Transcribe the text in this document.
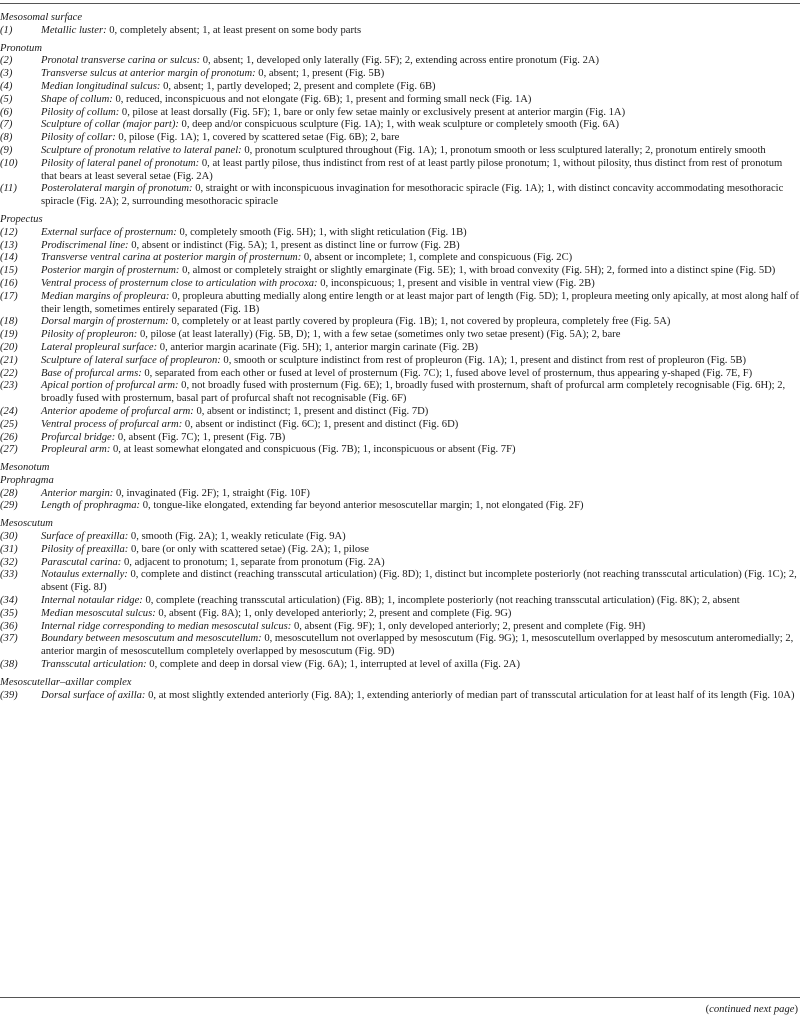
Mesosomal surface
(1)	Metallic luster: 0, completely absent; 1, at least present on some body parts
Pronotum
(2)	Pronotal transverse carina or sulcus: 0, absent; 1, developed only laterally (Fig. 5F); 2, extending across entire pronotum (Fig. 2A)
(3)	Transverse sulcus at anterior margin of pronotum: 0, absent; 1, present (Fig. 5B)
(4)	Median longitudinal sulcus: 0, absent; 1, partly developed; 2, present and complete (Fig. 6B)
(5)	Shape of collum: 0, reduced, inconspicuous and not elongate (Fig. 6B); 1, present and forming small neck (Fig. 1A)
(6)	Pilosity of collum: 0, pilose at least dorsally (Fig. 5F); 1, bare or only few setae mainly or exclusively present at anterior margin (Fig. 1A)
(7)	Sculpture of collar (major part): 0, deep and/or conspicuous sculpture (Fig. 1A); 1, with weak sculpture or completely smooth (Fig. 6A)
(8)	Pilosity of collar: 0, pilose (Fig. 1A); 1, covered by scattered setae (Fig. 6B); 2, bare
(9)	Sculpture of pronotum relative to lateral panel: 0, pronotum sculptured throughout (Fig. 1A); 1, pronotum smooth or less sculptured laterally; 2, pronotum entirely smooth
(10) Pilosity of lateral panel of pronotum: 0, at least partly pilose, thus indistinct from rest of at least partly pilose pronotum; 1, without pilosity, thus distinct from rest of pronotum that bears at least several setae (Fig. 2A)
(11) Posterolateral margin of pronotum: 0, straight or with inconspicuous invagination for mesothoracic spiracle (Fig. 1A); 1, with distinct concavity accommodating mesothoracic spiracle (Fig. 2A); 2, surrounding mesothoracic spiracle
Propectus
(12) External surface of prosternum: 0, completely smooth (Fig. 5H); 1, with slight reticulation (Fig. 1B)
(13) Prodiscrimenal line: 0, absent or indistinct (Fig. 5A); 1, present as distinct line or furrow (Fig. 2B)
(14) Transverse ventral carina at posterior margin of prosternum: 0, absent or incomplete; 1, complete and conspicuous (Fig. 2C)
(15) Posterior margin of prosternum: 0, almost or completely straight or slightly emarginate (Fig. 5E); 1, with broad convexity (Fig. 5H); 2, formed into a distinct spine (Fig. 5D)
(16) Ventral process of prosternum close to articulation with procoxa: 0, inconspicuous; 1, present and visible in ventral view (Fig. 2B)
(17) Median margins of propleura: 0, propleura abutting medially along entire length or at least major part of length (Fig. 5D); 1, propleura meeting only apically, at most along half of their length, sometimes entirely separated (Fig. 1B)
(18) Dorsal margin of prosternum: 0, completely or at least partly covered by propleura (Fig. 1B); 1, not covered by propleura, completely free (Fig. 5A)
(19) Pilosity of propleuron: 0, pilose (at least laterally) (Fig. 5B, D); 1, with a few setae (sometimes only two setae present) (Fig. 5A); 2, bare
(20) Lateral propleural surface: 0, anterior margin acarinate (Fig. 5H); 1, anterior margin carinate (Fig. 2B)
(21) Sculpture of lateral surface of propleuron: 0, smooth or sculpture indistinct from rest of propleuron (Fig. 1A); 1, present and distinct from rest of propleuron (Fig. 5B)
(22) Base of profurcal arms: 0, separated from each other or fused at level of prosternum (Fig. 7C); 1, fused above level of prosternum, thus appearing y-shaped (Fig. 7E, F)
(23) Apical portion of profurcal arm: 0, not broadly fused with prosternum (Fig. 6E); 1, broadly fused with prosternum, shaft of profurcal arm completely recognisable (Fig. 6H); 2, broadly fused with prosternum, basal part of profurcal shaft not recognisable (Fig. 6F)
(24) Anterior apodeme of profurcal arm: 0, absent or indistinct; 1, present and distinct (Fig. 7D)
(25) Ventral process of profurcal arm: 0, absent or indistinct (Fig. 6C); 1, present and distinct (Fig. 6D)
(26) Profurcal bridge: 0, absent (Fig. 7C); 1, present (Fig. 7B)
(27) Propleural arm: 0, at least somewhat elongated and conspicuous (Fig. 7B); 1, inconspicuous or absent (Fig. 7F)
Mesonotum
Prophragma
(28) Anterior margin: 0, invaginated (Fig. 2F); 1, straight (Fig. 10F)
(29) Length of prophragma: 0, tongue-like elongated, extending far beyond anterior mesoscutellar margin; 1, not elongated (Fig. 2F)
Mesoscutum
(30) Surface of preaxilla: 0, smooth (Fig. 2A); 1, weakly reticulate (Fig. 9A)
(31) Pilosity of preaxilla: 0, bare (or only with scattered setae) (Fig. 2A); 1, pilose
(32) Parascutal carina: 0, adjacent to pronotum; 1, separate from pronotum (Fig. 2A)
(33) Notaulus externally: 0, complete and distinct (reaching transscutal articulation) (Fig. 8D); 1, distinct but incomplete posteriorly (not reaching transscutal articulation) (Fig. 1C); 2, absent (Fig. 8J)
(34) Internal notaular ridge: 0, complete (reaching transscutal articulation) (Fig. 8B); 1, incomplete posteriorly (not reaching transscutal articulation) (Fig. 8K); 2, absent
(35) Median mesoscutal sulcus: 0, absent (Fig. 8A); 1, only developed anteriorly; 2, present and complete (Fig. 9G)
(36) Internal ridge corresponding to median mesoscutal sulcus: 0, absent (Fig. 9F); 1, only developed anteriorly; 2, present and complete (Fig. 9H)
(37) Boundary between mesoscutum and mesoscutellum: 0, mesoscutellum not overlapped by mesoscutum (Fig. 9G); 1, mesoscutellum overlapped by mesoscutum anteromedially; 2, anterior margin of mesoscutellum completely overlapped by mesoscutum (Fig. 9D)
(38) Transscutal articulation: 0, complete and deep in dorsal view (Fig. 6A); 1, interrupted at level of axilla (Fig. 2A)
Mesoscutellar–axillar complex
(39) Dorsal surface of axilla: 0, at most slightly extended anteriorly (Fig. 8A); 1, extending anteriorly of median part of transscutal articulation for at least half of its length (Fig. 10A)
(continued next page)
